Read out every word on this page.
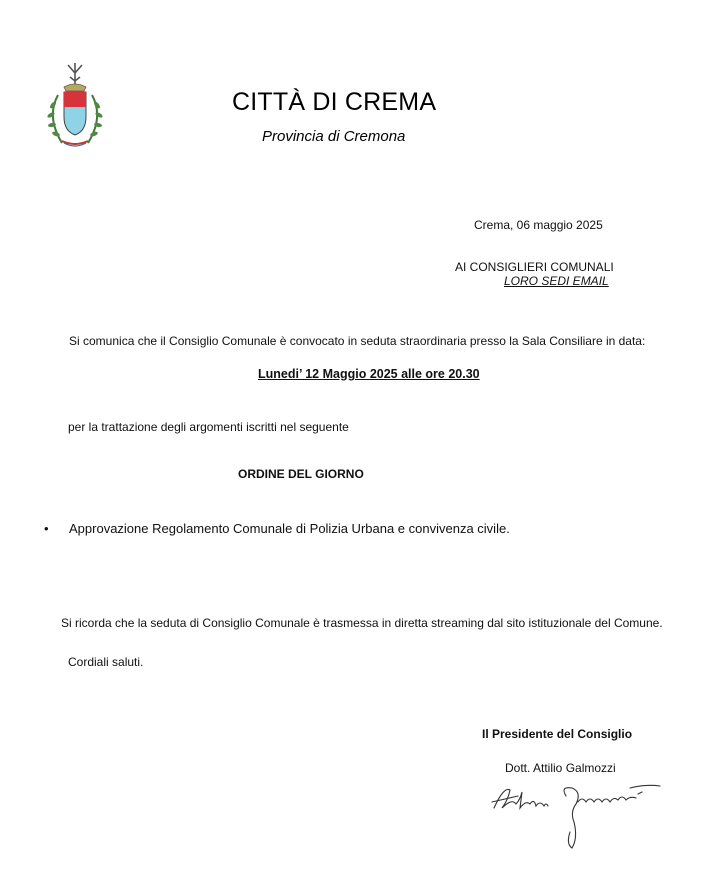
CITTÀ DI CREMA
Provincia di Cremona
Crema, 06 maggio 2025
AI CONSIGLIERI COMUNALI
LORO SEDI EMAIL
Si comunica che il Consiglio Comunale è convocato in seduta straordinaria presso la Sala Consiliare in data:
Lunedi’ 12 Maggio 2025 alle ore 20.30
per la trattazione degli argomenti iscritti nel seguente
ORDINE DEL GIORNO
• Approvazione Regolamento Comunale di Polizia Urbana e convivenza civile.
Si ricorda che la seduta di Consiglio Comunale è trasmessa in diretta streaming dal sito istituzionale del Comune.
Cordiali saluti.
Il Presidente del Consiglio
Dott. Attilio Galmozzi
